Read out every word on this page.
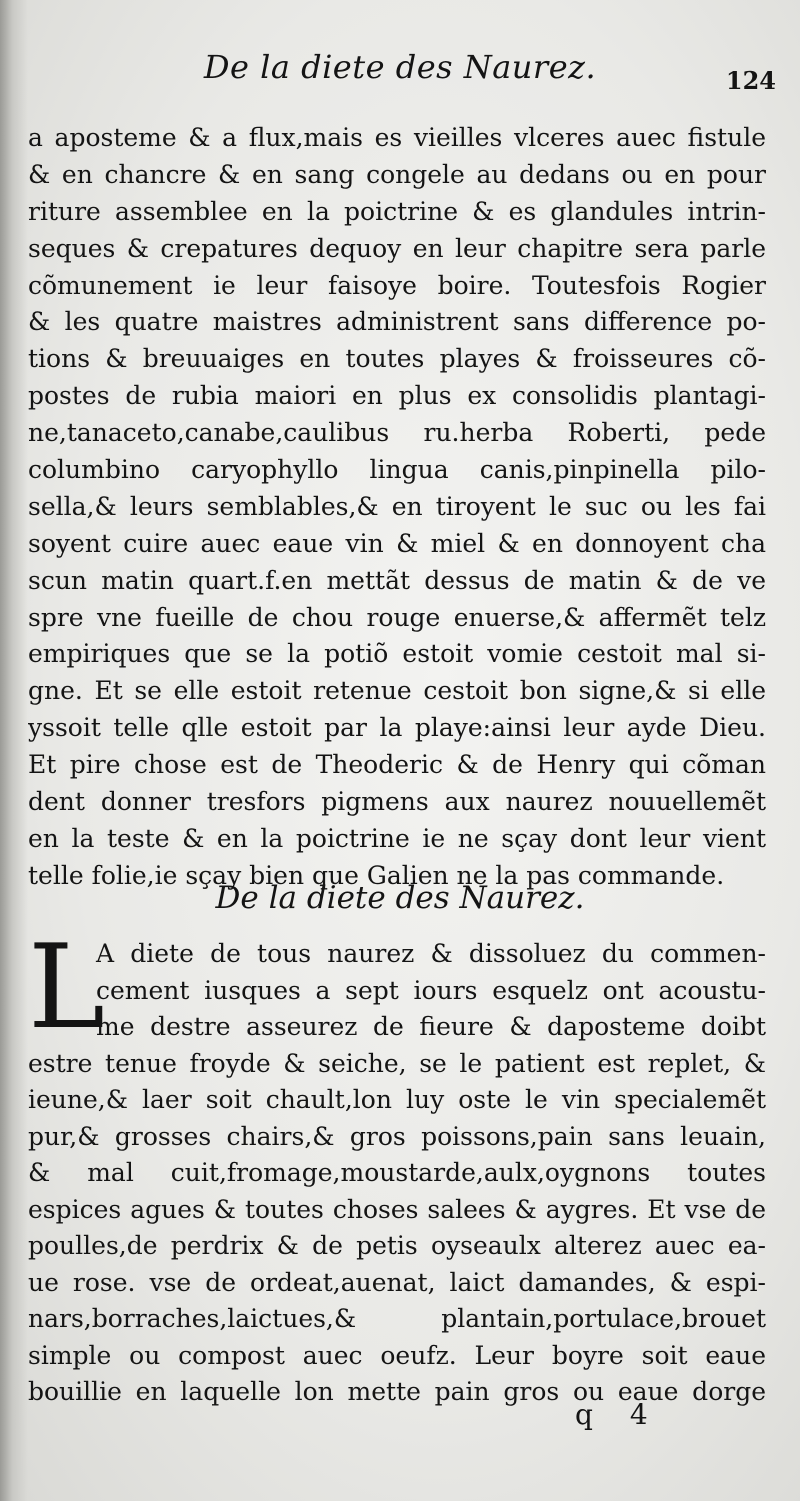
De la diete des Naurez.	124
a aposteme & a flux,mais es vieilles vlceres auec fistule
& en chancre & en sang congele au dedans ou en pour
riture assemblee en la poictrine & es glandules intrin-
seques & crepatures dequoy en leur chapitre sera parle
cõmunement ie leur faisoye boire. Toutesfois Rogier
& les quatre maistres administrent sans difference po-
tions & breuuaiges en toutes playes & froisseures cõ-
postes de rubia maiori en plus ex consolidis plantagi-
ne,tanaceto,canabe,caulibus ru.herba Roberti, pede
columbino caryophyllo lingua canis,pinpinella pilo-
sella,& leurs semblables,& en tiroyent le suc ou les fai
soyent cuire auec eaue vin & miel & en donnoyent cha
scun matin quart.f.en mettãt dessus de matin & de ve
spre vne fueille de chou rouge enuerse,& affermẽt telz
empiriques que se la potiõ estoit vomie cestoit mal si-
gne. Et se elle estoit retenue cestoit bon signe,& si elle
yssoit telle qlle estoit par la playe:ainsi leur ayde Dieu.
Et pire chose est de Theoderic & de Henry qui cõman
dent donner tresfors pigmens aux naurez nouuellemẽt
en la teste & en la poictrine ie ne sçay dont leur vient
telle folie,ie sçay bien que Galien ne la pas commande.
De la diete des Naurez.
L
A diete de tous naurez & dissoluez du commen-
cement iusques a sept iours esquelz ont acoustu-
me destre asseurez de fieure & daposteme doibt
estre tenue froyde & seiche, se le patient est replet, &
ieune,& laer soit chault,lon luy oste le vin specialemẽt
pur,& grosses chairs,& gros poissons,pain sans leuain,
& mal cuit,fromage,moustarde,aulx,oygnons toutes
espices agues & toutes choses salees & aygres. Et vse de
poulles,de perdrix & de petis oyseaulx alterez auec ea-
ue rose. vse de ordeat,auenat, laict damandes, & espi-
nars,borraches,laictues,& plantain,portulace,brouet
simple ou compost auec oeufz. Leur boyre soit eaue
bouillie en laquelle lon mette pain gros ou eaue dorge
q 4
